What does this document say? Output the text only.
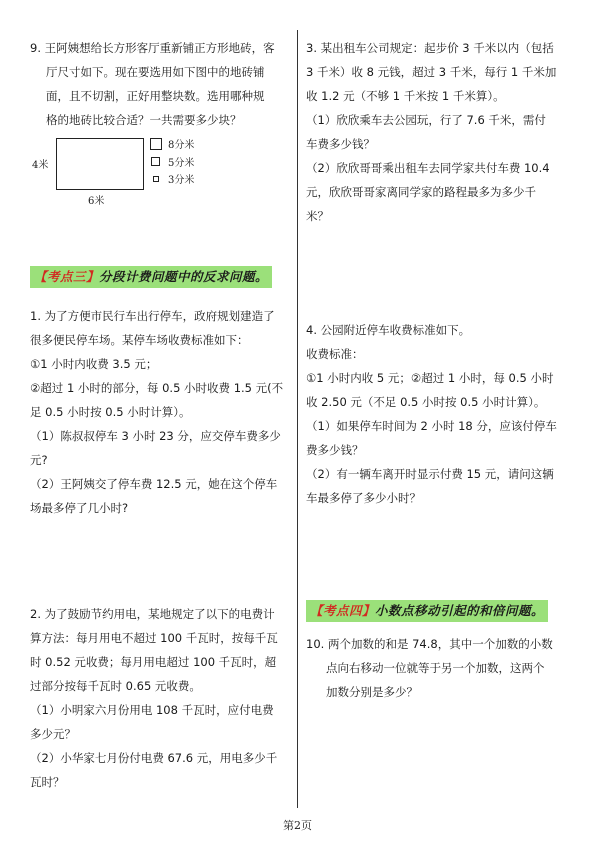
9. 王阿姨想给长方形客厅重新铺正方形地砖，客
厅尺寸如下。现在要选用如下图中的地砖铺
面，且不切割，正好用整块数。选用哪种规
格的地砖比较合适？一共需要多少块？
4米
6米
8分米
5分米
3分米
【考点三】分段计费问题中的反求问题。
1. 为了方便市民行车出行停车，政府规划建造了
很多便民停车场。某停车场收费标准如下：
①1 小时内收费 3.5 元；
②超过 1 小时的部分，每 0.5 小时收费 1.5 元(不
足 0.5 小时按 0.5 小时计算）。
（1）陈叔叔停车 3 小时 23 分，应交停车费多少
元?
（2）王阿姨交了停车费 12.5 元，她在这个停车
场最多停了几小时?
2. 为了鼓励节约用电，某地规定了以下的电费计
算方法：每月用电不超过 100 千瓦时，按每千瓦
时 0.52 元收费；每月用电超过 100 千瓦时，超
过部分按每千瓦时 0.65 元收费。
（1）小明家六月份用电 108 千瓦时，应付电费
多少元？
（2）小华家七月份付电费 67.6 元，用电多少千
瓦时？
3. 某出租车公司规定：起步价 3 千米以内（包括
3 千米）收 8 元钱，超过 3 千米，每行 1 千米加
收 1.2 元（不够 1 千米按 1 千米算）。
（1）欣欣乘车去公园玩，行了 7.6 千米，需付
车费多少钱？
（2）欣欣哥哥乘出租车去同学家共付车费 10.4
元，欣欣哥哥家离同学家的路程最多为多少千
米？
4. 公园附近停车收费标准如下。
收费标准：
①1 小时内收 5 元；②超过 1 小时，每 0.5 小时
收 2.50 元（不足 0.5 小时按 0.5 小时计算）。
（1）如果停车时间为 2 小时 18 分，应该付停车
费多少钱？
（2）有一辆车离开时显示付费 15 元，请问这辆
车最多停了多少小时？
【考点四】小数点移动引起的和倍问题。
10. 两个加数的和是 74.8，其中一个加数的小数
点向右移动一位就等于另一个加数，这两个
加数分别是多少？
第2页
